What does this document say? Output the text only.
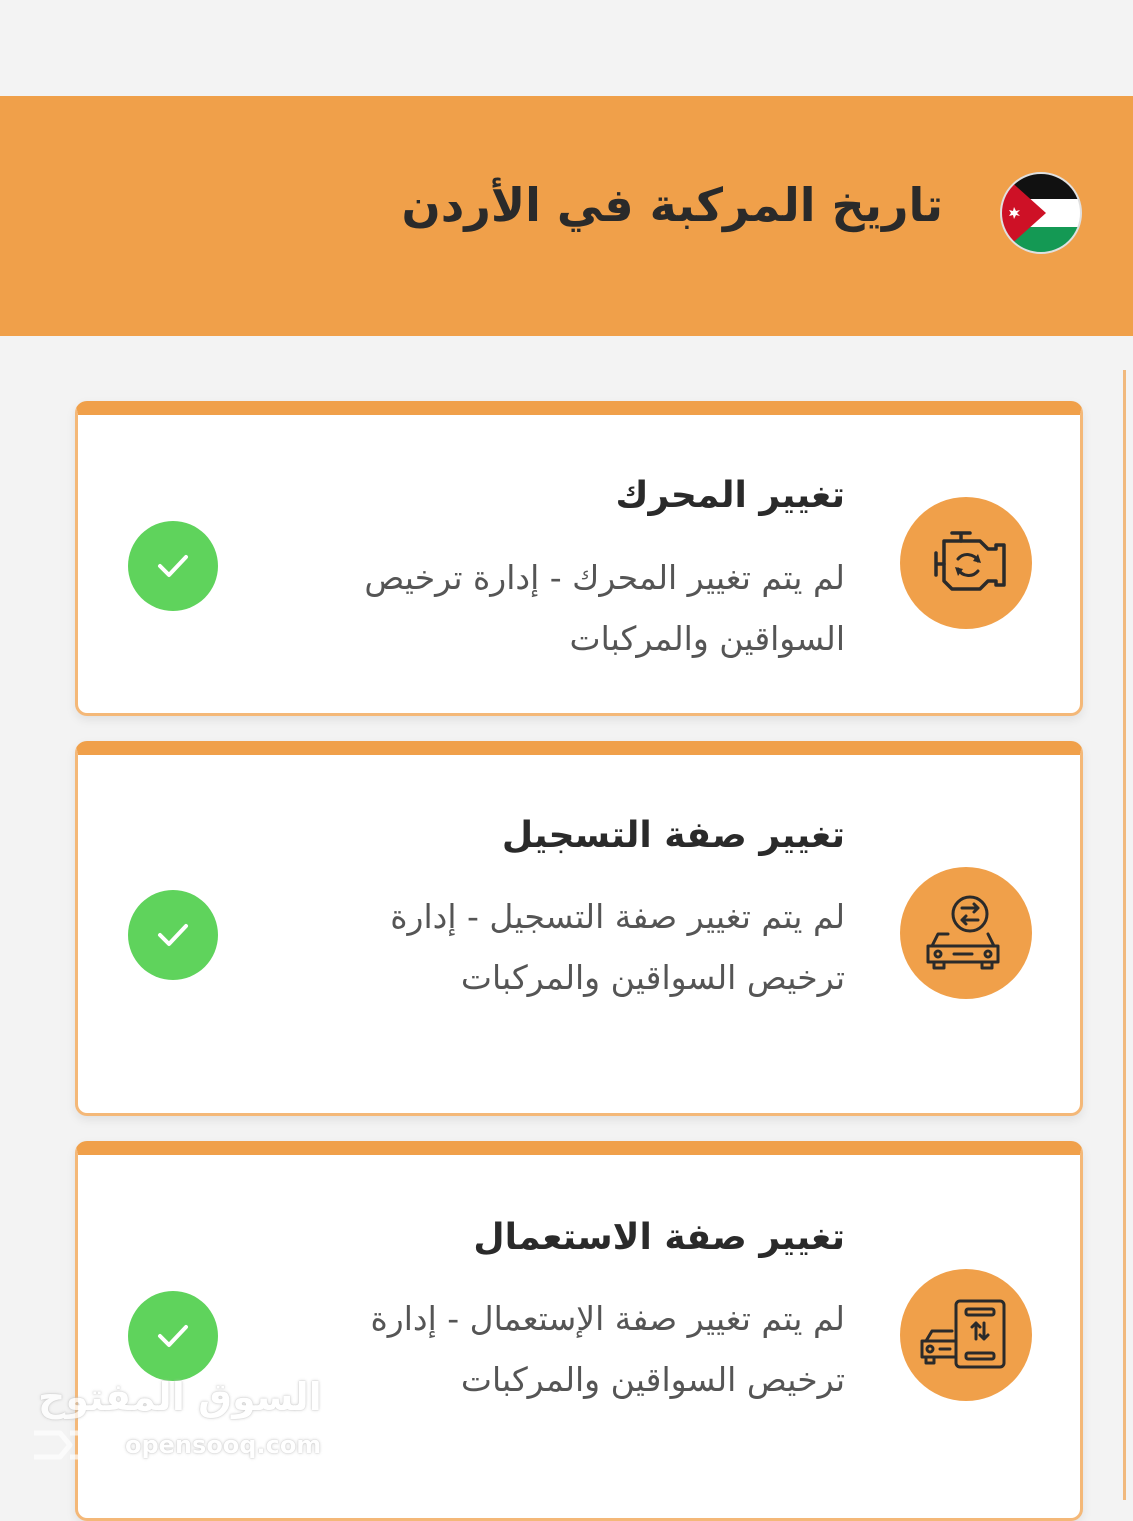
تاريخ المركبة في الأردن
تغيير المحرك
لم يتم تغيير المحرك - إدارة ترخيص السواقين والمركبات
تغيير صفة التسجيل
لم يتم تغيير صفة التسجيل - إدارة ترخيص السواقين والمركبات
تغيير صفة الاستعمال
لم يتم تغيير صفة الإستعمال - إدارة ترخيص السواقين والمركبات
السوق المفتوح
opensooq.com
